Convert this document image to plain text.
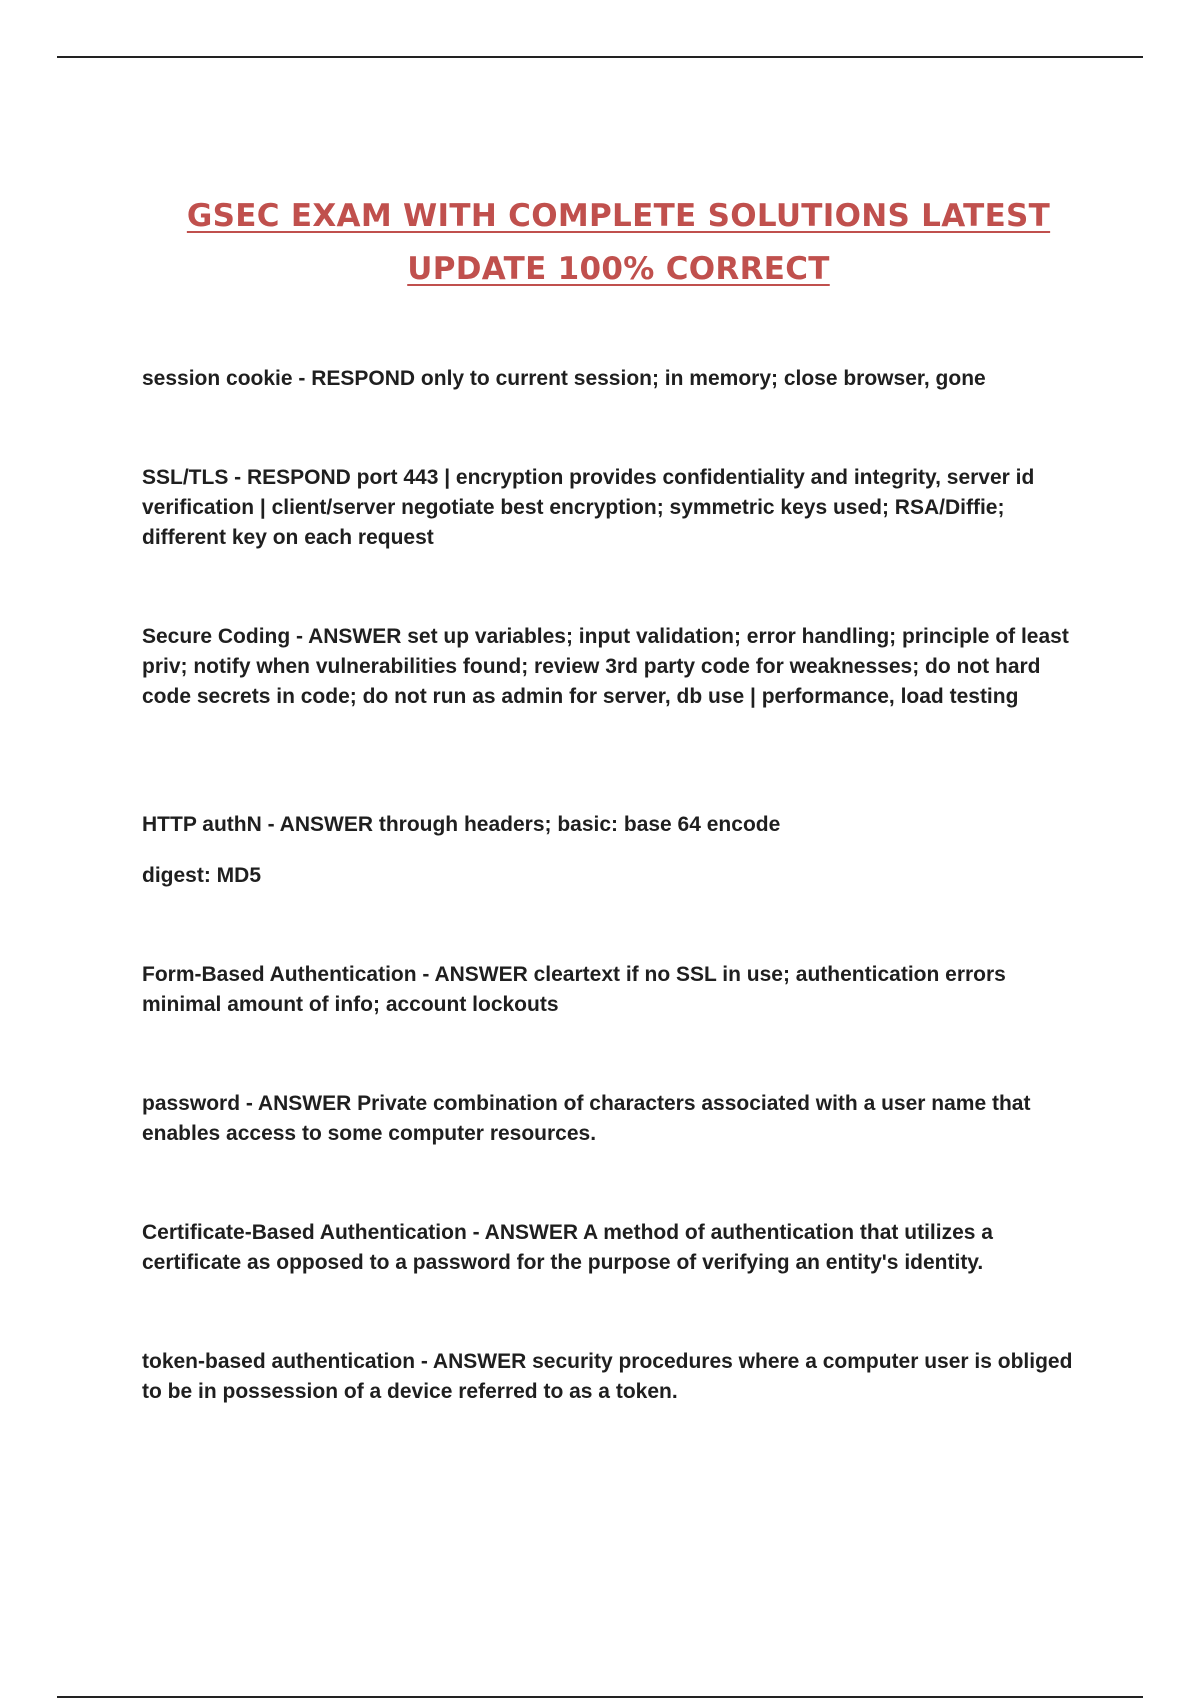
GSEC EXAM WITH COMPLETE SOLUTIONS LATEST
UPDATE 100% CORRECT

session cookie - RESPOND only to current session; in memory; close browser, gone

SSL/TLS - RESPOND port 443 | encryption provides confidentiality and integrity, server id verification | client/server negotiate best encryption; symmetric keys used; RSA/Diffie; different key on each request

Secure Coding - ANSWER set up variables; input validation; error handling; principle of least priv; notify when vulnerabilities found; review 3rd party code for weaknesses; do not hard code secrets in code; do not run as admin for server, db use | performance, load testing

HTTP authN - ANSWER through headers; basic: base 64 encode

digest: MD5

Form-Based Authentication - ANSWER cleartext if no SSL in use; authentication errors minimal amount of info; account lockouts

password - ANSWER Private combination of characters associated with a user name that enables access to some computer resources.

Certificate-Based Authentication - ANSWER A method of authentication that utilizes a certificate as opposed to a password for the purpose of verifying an entity's identity.

token-based authentication - ANSWER security procedures where a computer user is obliged to be in possession of a device referred to as a token.
